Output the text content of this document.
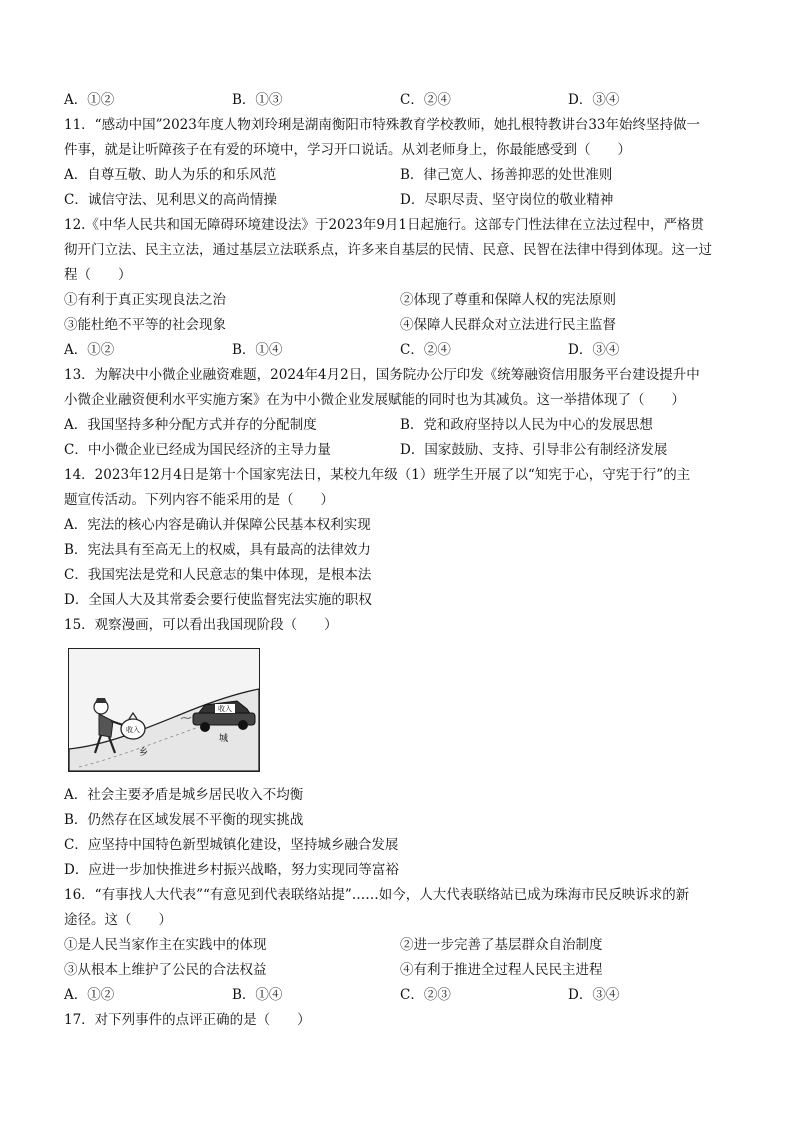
A．①②	B．①③	C．②④	D．③④
11．“感动中国”2023年度人物刘玲琍是湖南衡阳市特殊教育学校教师，她扎根特教讲台33年始终坚持做一
件事，就是让听障孩子在有爱的环境中，学习开口说话。从刘老师身上，你最能感受到（　　）
A．自尊互敬、助人为乐的和乐风范	B．律己宽人、扬善抑恶的处世准则
C．诚信守法、见利思义的高尚情操	D．尽职尽责、坚守岗位的敬业精神
12.《中华人民共和国无障碍环境建设法》于2023年9月1日起施行。这部专门性法律在立法过程中，严格贯
彻开门立法、民主立法，通过基层立法联系点，许多来自基层的民情、民意、民智在法律中得到体现。这一过
程（　　）
①有利于真正实现良法之治	②体现了尊重和保障人权的宪法原则
③能杜绝不平等的社会现象	④保障人民群众对立法进行民主监督
A．①②	B．①④	C．②④	D．③④
13．为解决中小微企业融资难题，2024年4月2日，国务院办公厅印发《统筹融资信用服务平台建设提升中
小微企业融资便利水平实施方案》在为中小微企业发展赋能的同时也为其减负。这一举措体现了（　　）
A．我国坚持多种分配方式并存的分配制度	B．党和政府坚持以人民为中心的发展思想
C．中小微企业已经成为国民经济的主导力量	D．国家鼓励、支持、引导非公有制经济发展
14．2023年12月4日是第十个国家宪法日，某校九年级（1）班学生开展了以“知宪于心，守宪于行”的主
题宣传活动。下列内容不能采用的是（　　）
A．宪法的核心内容是确认并保障公民基本权利实现
B．宪法具有至高无上的权威，具有最高的法律效力
C．我国宪法是党和人民意志的集中体现，是根本法
D．全国人大及其常委会要行使监督宪法实施的职权
15．观察漫画，可以看出我国现阶段（　　）
收入
乡
收入
城
A．社会主要矛盾是城乡居民收入不均衡
B．仍然存在区域发展不平衡的现实挑战
C．应坚持中国特色新型城镇化建设，坚持城乡融合发展
D．应进一步加快推进乡村振兴战略，努力实现同等富裕
16．“有事找人大代表”“有意见到代表联络站提”……如今，人大代表联络站已成为珠海市民反映诉求的新
途径。这（　　）
①是人民当家作主在实践中的体现	②进一步完善了基层群众自治制度
③从根本上维护了公民的合法权益	④有利于推进全过程人民民主进程
A．①②	B．①④	C．②③	D．③④
17．对下列事件的点评正确的是（　　）
